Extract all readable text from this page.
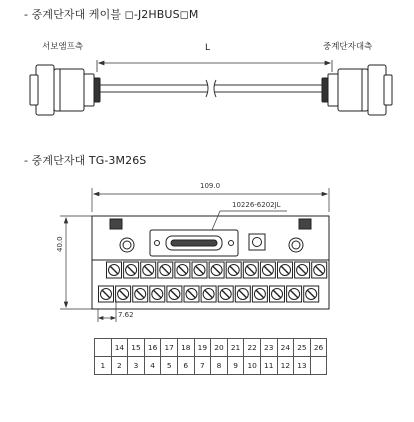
- 중계단자대 케이블 ◻-J2HBUS◻M
서보앰프측	중계단자대측
L
- 중계단자대 TG-3M26S
109.0
10226-6202JL
40.0
7.62
	14	15	16	17	18	19	20	21	22	23	24	25	26
1	2	3	4	5	6	7	8	9	10	11	12	13	
